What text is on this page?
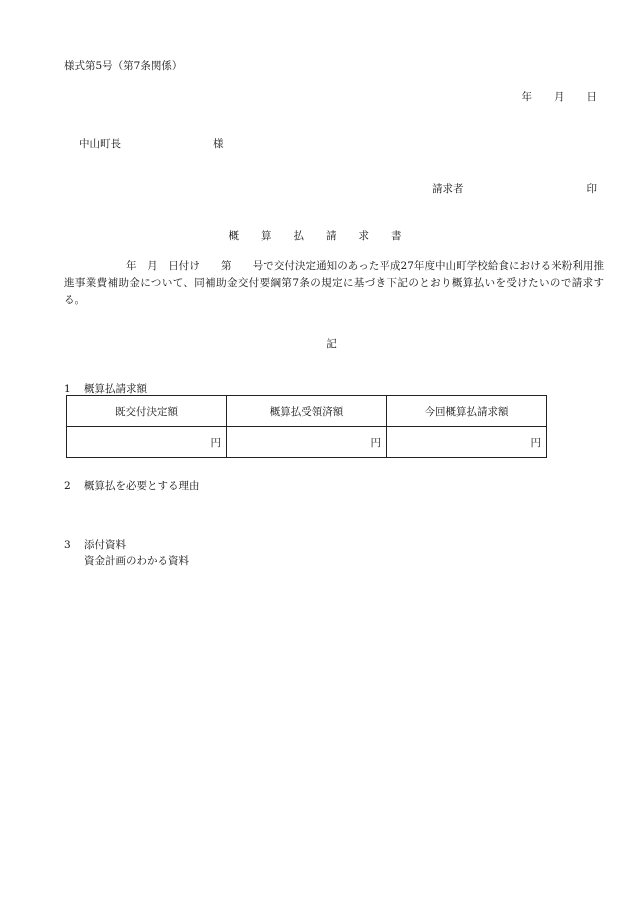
様式第5号（第7条関係）
年 月 日
中山町長	様
請求者	印
概 算 払 請 求 書
年　月　日付け　　第　　号で交付決定通知のあった平成27年度中山町学校給食における米粉利用推進事業費補助金について、同補助金交付要綱第7条の規定に基づき下記のとおり概算払いを受けたいので請求する。
記
1 概算払請求額
既交付決定額	概算払受領済額	今回概算払請求額
円	円	円
2 概算払を必要とする理由
3 添付資料
資金計画のわかる資料
